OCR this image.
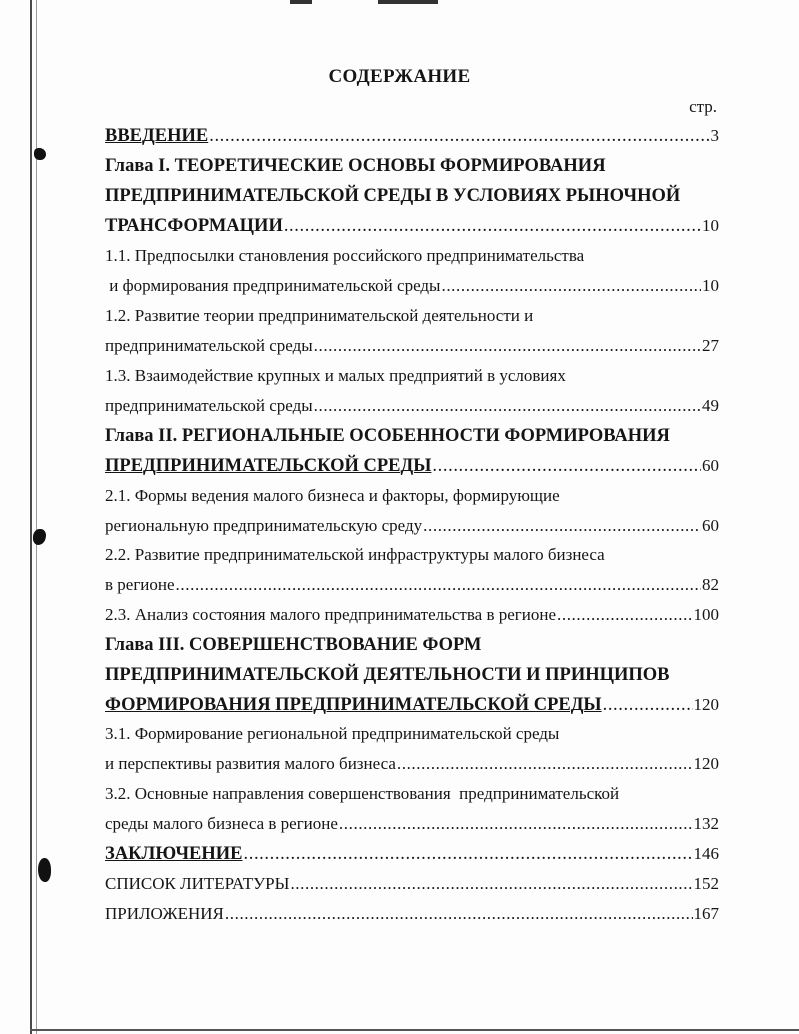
СОДЕРЖАНИЕ
стр.
ВВЕДЕНИЕ .....	3
Глава I. ТЕОРЕТИЧЕСКИЕ ОСНОВЫ ФОРМИРОВАНИЯ
ПРЕДПРИНИМАТЕЛЬСКОЙ СРЕДЫ В УСЛОВИЯХ РЫНОЧНОЙ
ТРАНСФОРМАЦИИ .....	10
1.1. Предпосылки становления российского предпринимательства
и формирования предпринимательской среды .....	10
1.2. Развитие теории предпринимательской деятельности и
предпринимательской среды .....	27
1.3. Взаимодействие крупных и малых предприятий в условиях
предпринимательской среды .....	49
Глава II. РЕГИОНАЛЬНЫЕ ОСОБЕННОСТИ ФОРМИРОВАНИЯ
ПРЕДПРИНИМАТЕЛЬСКОЙ СРЕДЫ .....	60
2.1. Формы ведения малого бизнеса и факторы, формирующие
региональную предпринимательскую среду .....	60
2.2. Развитие предпринимательской инфраструктуры малого бизнеса
в регионе .....	82
2.3. Анализ состояния малого предпринимательства в регионе .....	100
Глава III. СОВЕРШЕНСТВОВАНИЕ ФОРМ
ПРЕДПРИНИМАТЕЛЬСКОЙ ДЕЯТЕЛЬНОСТИ И ПРИНЦИПОВ
ФОРМИРОВАНИЯ ПРЕДПРИНИМАТЕЛЬСКОЙ СРЕДЫ .....	120
3.1. Формирование региональной предпринимательской среды
и перспективы развития малого бизнеса .....	120
3.2. Основные направления совершенствования  предпринимательской
среды малого бизнеса в регионе .....	132
ЗАКЛЮЧЕНИЕ .....	146
СПИСОК ЛИТЕРАТУРЫ .....	152
ПРИЛОЖЕНИЯ .....	167
